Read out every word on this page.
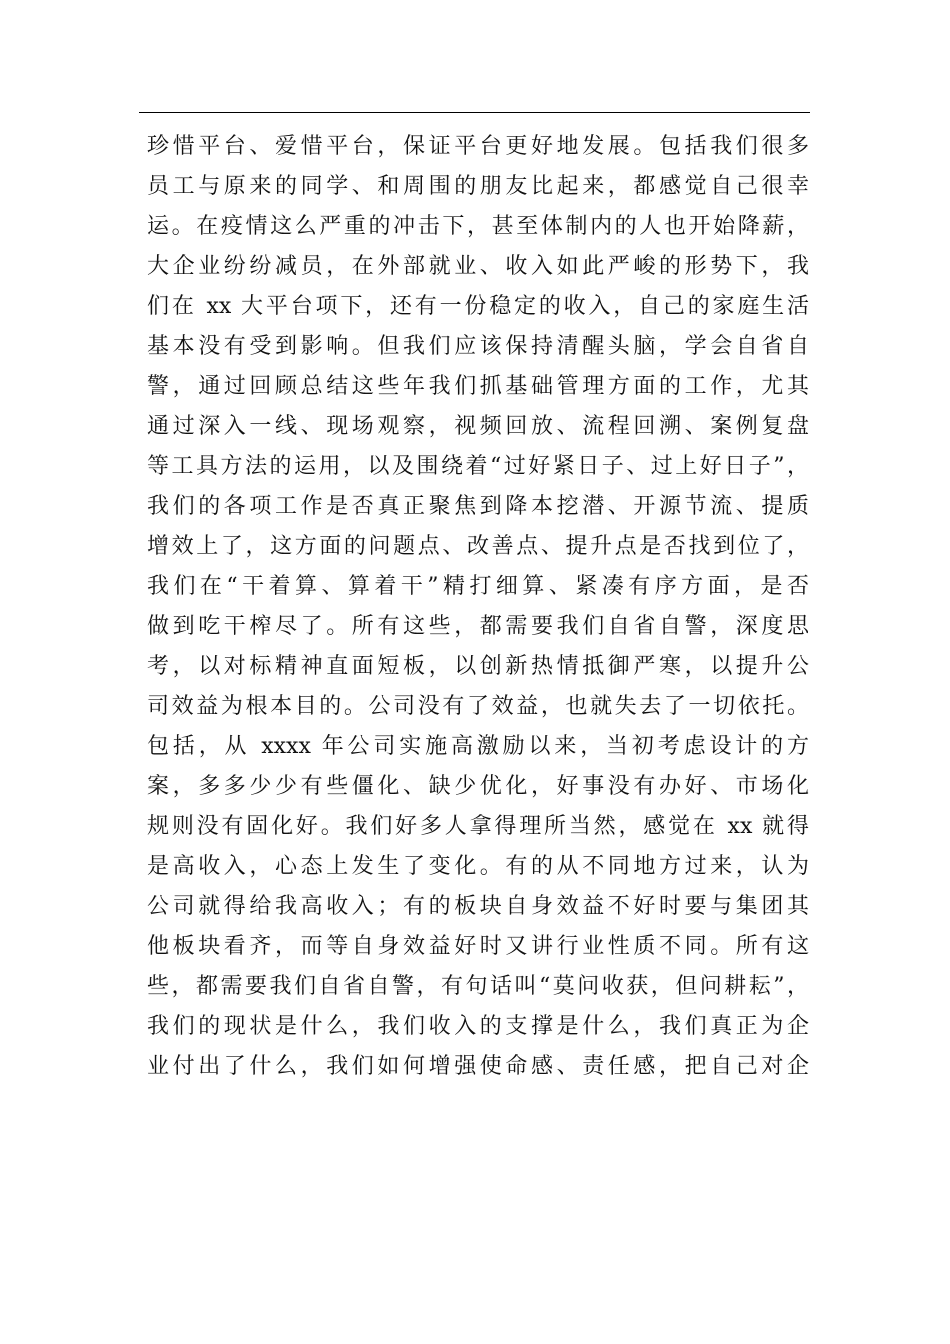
珍惜平台、爱惜平台，保证平台更好地发展。包括我们很多
员工与原来的同学、和周围的朋友比起来，都感觉自己很幸
运。在疫情这么严重的冲击下，甚至体制内的人也开始降薪，
大企业纷纷减员，在外部就业、收入如此严峻的形势下，我
们在 xx 大平台项下，还有一份稳定的收入，自己的家庭生活
基本没有受到影响。但我们应该保持清醒头脑，学会自省自
警，通过回顾总结这些年我们抓基础管理方面的工作，尤其
通过深入一线、现场观察，视频回放、流程回溯、案例复盘
等工具方法的运用，以及围绕着“过好紧日子、过上好日子”，
我们的各项工作是否真正聚焦到降本挖潜、开源节流、提质
增效上了，这方面的问题点、改善点、提升点是否找到位了，
我们在“干着算、算着干”精打细算、紧凑有序方面，是否
做到吃干榨尽了。所有这些，都需要我们自省自警，深度思
考，以对标精神直面短板，以创新热情抵御严寒，以提升公
司效益为根本目的。公司没有了效益，也就失去了一切依托。
包括，从 xxxx 年公司实施高激励以来，当初考虑设计的方
案，多多少少有些僵化、缺少优化，好事没有办好、市场化
规则没有固化好。我们好多人拿得理所当然，感觉在 xx 就得
是高收入，心态上发生了变化。有的从不同地方过来，认为
公司就得给我高收入；有的板块自身效益不好时要与集团其
他板块看齐，而等自身效益好时又讲行业性质不同。所有这
些，都需要我们自省自警，有句话叫“莫问收获，但问耕耘”，
我们的现状是什么，我们收入的支撑是什么，我们真正为企
业付出了什么，我们如何增强使命感、责任感，把自己对企
